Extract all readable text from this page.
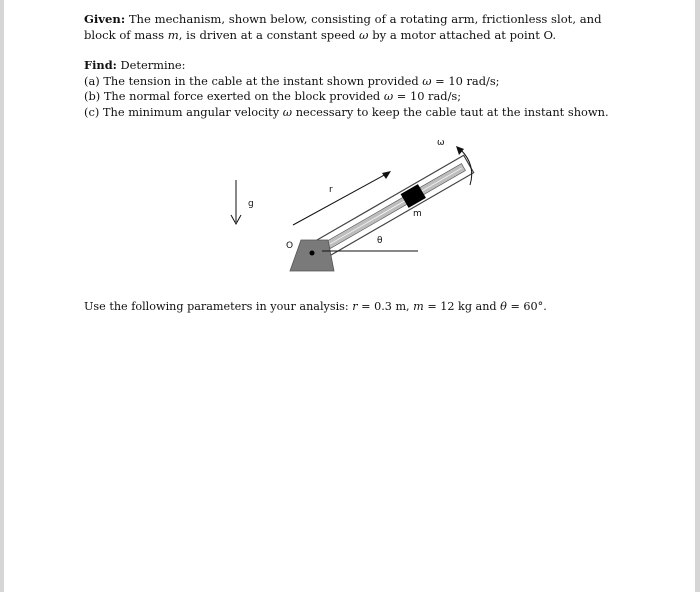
Given: The mechanism, shown below, consisting of a rotating arm, frictionless slot, and block of mass m, is driven at a constant speed ω by a motor attached at point O.
Find: Determine:
(a) The tension in the cable at the instant shown provided ω = 10 rad/s;
(b) The normal force exerted on the block provided ω = 10 rad/s;
(c) The minimum angular velocity ω necessary to keep the cable taut at the instant shown.
g
r
m
ω
O	θ
Use the following parameters in your analysis: r = 0.3 m, m = 12 kg and θ = 60°.
